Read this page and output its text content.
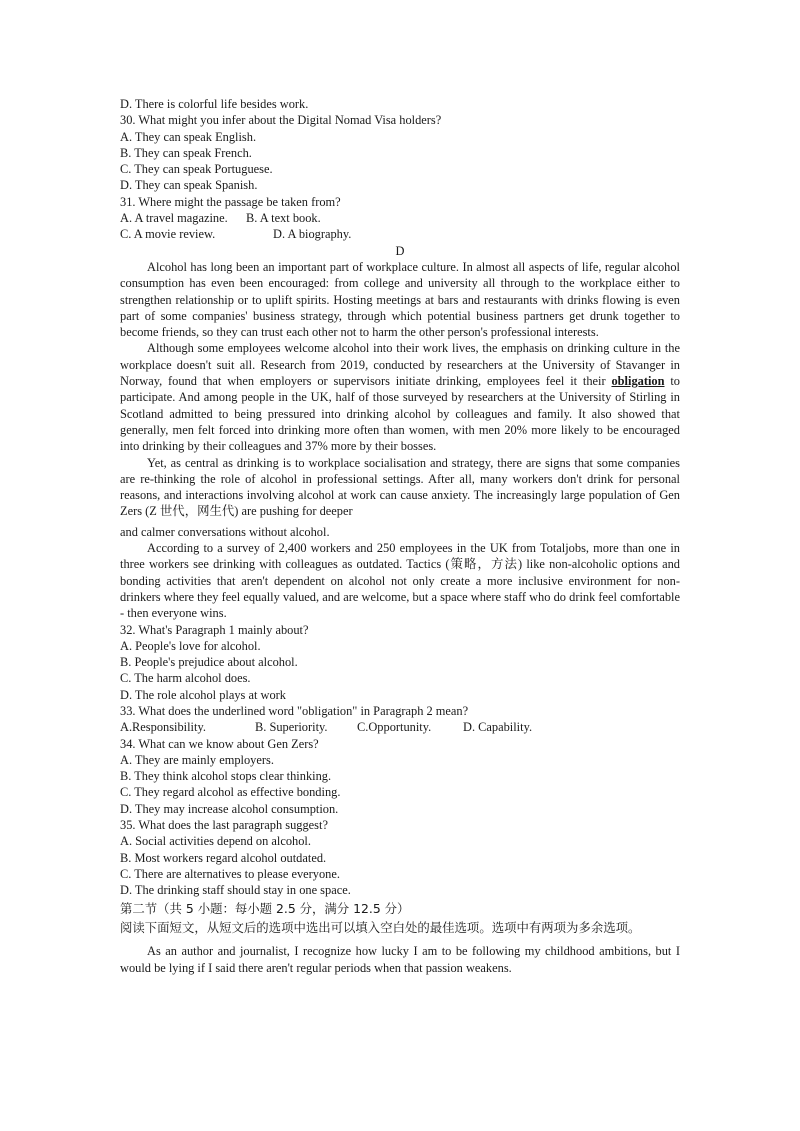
D. There is colorful life besides work.
30. What might you infer about the Digital Nomad Visa holders?
A. They can speak English.
B. They can speak French.
C. They can speak Portuguese.
D. They can speak Spanish.
31. Where might the passage be taken from?
A. A travel magazine.	B. A text book.
C. A movie review.	D. A biography.

D

Alcohol has long been an important part of workplace culture. In almost all aspects of life, regular alcohol consumption has even been encouraged: from college and university all through to the workplace either to strengthen relationship or to uplift spirits. Hosting meetings at bars and restaurants with drinks flowing is even part of some companies' business strategy, through which potential business partners get drunk together to become friends, so they can trust each other not to harm the other person's professional interests.

Although some employees welcome alcohol into their work lives, the emphasis on drinking culture in the workplace doesn't suit all. Research from 2019, conducted by researchers at the University of Stavanger in Norway, found that when employers or supervisors initiate drinking, employees feel it their obligation to participate. And among people in the UK, half of those surveyed by researchers at the University of Stirling in Scotland admitted to being pressured into drinking alcohol by colleagues and family. It also showed that generally, men felt forced into drinking more often than women, with men 20% more likely to be encouraged into drinking by their colleagues and 37% more by their bosses.

Yet, as central as drinking is to workplace socialisation and strategy, there are signs that some companies are re-thinking the role of alcohol in professional settings. After all, many workers don't drink for personal reasons, and interactions involving alcohol at work can cause anxiety. The increasingly large population of Gen Zers (Z 世代，网生代) are pushing for deeper

and calmer conversations without alcohol.

According to a survey of 2,400 workers and 250 employees in the UK from Totaljobs, more than one in three workers see drinking with colleagues as outdated. Tactics (策略，方法) like non-alcoholic options and bonding activities that aren't dependent on alcohol not only create a more inclusive environment for non-drinkers where they feel equally valued, and are welcome, but a space where staff who do drink feel comfortable - then everyone wins.

32. What's Paragraph 1 mainly about?
A. People's love for alcohol.
B. People's prejudice about alcohol.
C. The harm alcohol does.
D. The role alcohol plays at work
33. What does the underlined word "obligation" in Paragraph 2 mean?
A.Responsibility.	B. Superiority.	C.Opportunity.	D. Capability.
34. What can we know about Gen Zers?
A. They are mainly employers.
B. They think alcohol stops clear thinking.
C. They regard alcohol as effective bonding.
D. They may increase alcohol consumption.
35. What does the last paragraph suggest?
A. Social activities depend on alcohol.
B. Most workers regard alcohol outdated.
C. There are alternatives to please everyone.
D. The drinking staff should stay in one space.
第二节（共 5 小题：每小题 2.5 分，满分 12.5 分）
阅读下面短文，从短文后的选项中选出可以填入空白处的最佳选项。选项中有两项为多余选项。

As an author and journalist, I recognize how lucky I am to be following my childhood ambitions, but I would be lying if I said there aren't regular periods when that passion weakens.
